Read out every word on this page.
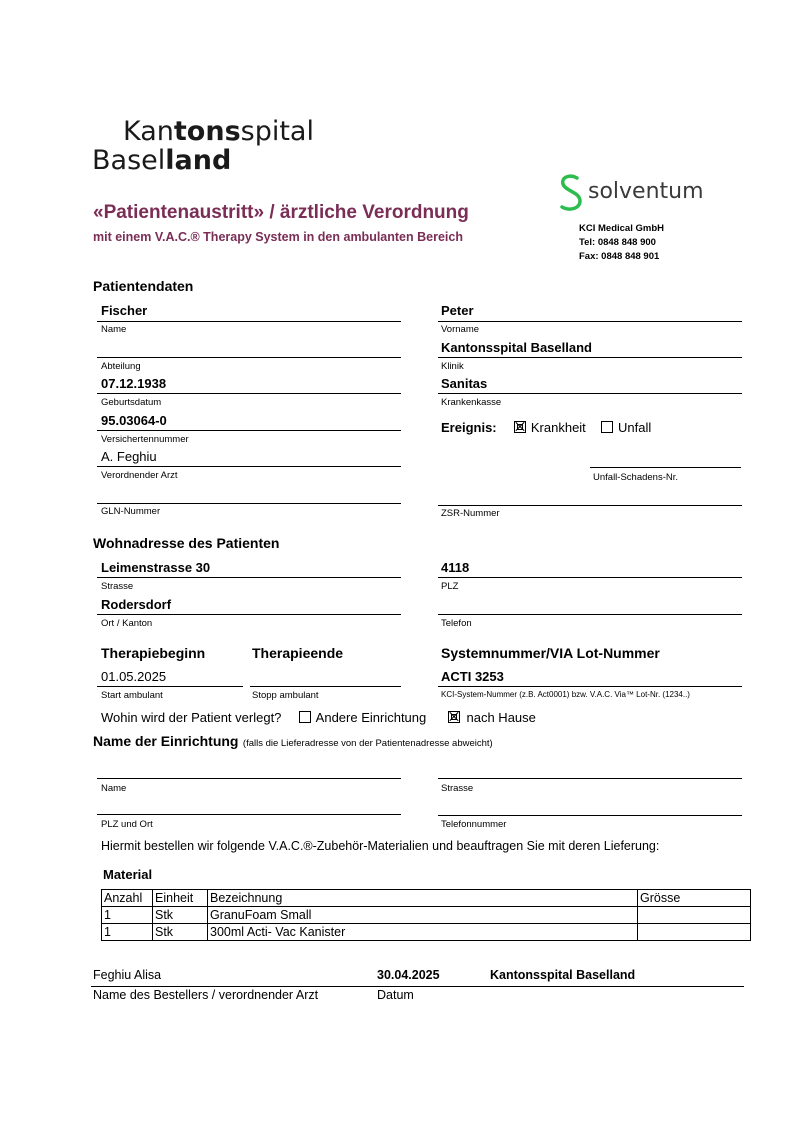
Kantonsspital
Baselland
solventum
«Patientenaustritt» / ärztliche Verordnung
mit einem V.A.C.® Therapy System in den ambulanten Bereich
KCI Medical GmbH
Tel: 0848 848 900
Fax: 0848 848 901
Patientendaten
Fischer
Name
Peter
Vorname
Abteilung
Kantonsspital Baselland
Klinik
07.12.1938
Geburtsdatum
Sanitas
Krankenkasse
95.03064-0
Versichertennummer
Ereignis:	Krankheit Unfall
A. Feghiu
Verordnender Arzt	Unfall-Schadens-Nr.
GLN-Nummer	ZSR-Nummer
Wohnadresse des Patienten
Leimenstrasse 30
Strasse
4118
PLZ
Rodersdorf
Ort / Kanton	Telefon
Therapiebeginn	Therapieende	Systemnummer/VIA Lot-Nummer
01.05.2025
Start ambulant	Stopp ambulant
ACTI 3253
KCI-System-Nummer (z.B. Act0001) bzw. V.A.C. Via™ Lot-Nr. (1234..)
Wohin wird der Patient verlegt?	Andere Einrichtung	nach Hause
Name der Einrichtung (falls die Lieferadresse von der Patientenadresse abweicht)
Name	Strasse
PLZ und Ort	Telefonnummer
Hiermit bestellen wir folgende V.A.C.®-Zubehör-Materialien und beauftragen Sie mit deren Lieferung:
Material
Anzahl	Einheit	Bezeichnung	Grösse
1	Stk	GranuFoam Small	
1	Stk	300ml Acti- Vac Kanister	
Feghiu Alisa	30.04.2025	Kantonsspital Baselland
Name des Bestellers / verordnender Arzt	Datum
